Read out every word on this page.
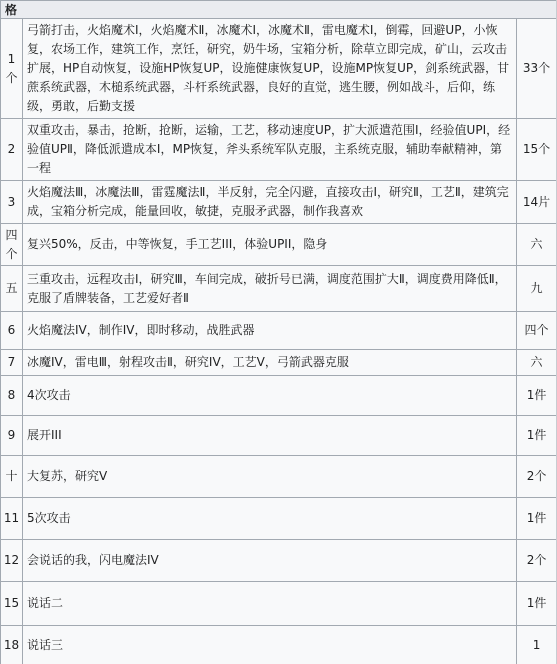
格		
1个	弓箭打击，火焰魔术Ⅰ，火焰魔术Ⅱ，冰魔术Ⅰ，冰魔术Ⅱ，雷电魔术Ⅰ，倒霉，回避UP，小恢复，农场工作，建筑工作，烹饪，研究，奶牛场，宝箱分析，除草立即完成，矿山，云攻击扩展，HP自动恢复，设施HP恢复UP，设施健康恢复UP，设施MP恢复UP，剑系统武器，甘蔗系统武器，木槌系统武器，斗杆系统武器，良好的直觉，逃生腰，例如战斗，后仰，练级，勇敢，后勤支援	33个
2	双重攻击，暴击，抢断，抢断，运输，工艺，移动速度UP，扩大派遣范围Ⅰ，经验值UPⅠ，经验值UPⅡ，降低派遣成本Ⅰ，MP恢复，斧头系统军队克服，主系统克服，辅助奉献精神，第一程	15个
3	火焰魔法Ⅲ，冰魔法Ⅲ，雷霆魔法Ⅱ，半反射，完全闪避，直接攻击Ⅰ，研究Ⅱ，工艺Ⅱ，建筑完成，宝箱分析完成，能量回收，敏捷，克服矛武器，制作我喜欢	14片
四个	复兴50%，反击，中等恢复，手工艺III，体验UPII，隐身	六
五	三重攻击，远程攻击Ⅰ，研究Ⅲ，车间完成，破折号已满，调度范围扩大Ⅱ，调度费用降低Ⅱ，克服了盾牌装备，工艺爱好者Ⅱ	九
6	火焰魔法IV，制作IV，即时移动，战胜武器	四个
7	冰魔IV，雷电Ⅲ，射程攻击Ⅱ，研究IV，工艺Ⅴ，弓箭武器克服	六
8	4次攻击	1件
9	展开III	1件
十	大复苏，研究V	2个
11	5次攻击	1件
12	会说话的我，闪电魔法IV	2个
15	说话二	1件
18	说话三	1
